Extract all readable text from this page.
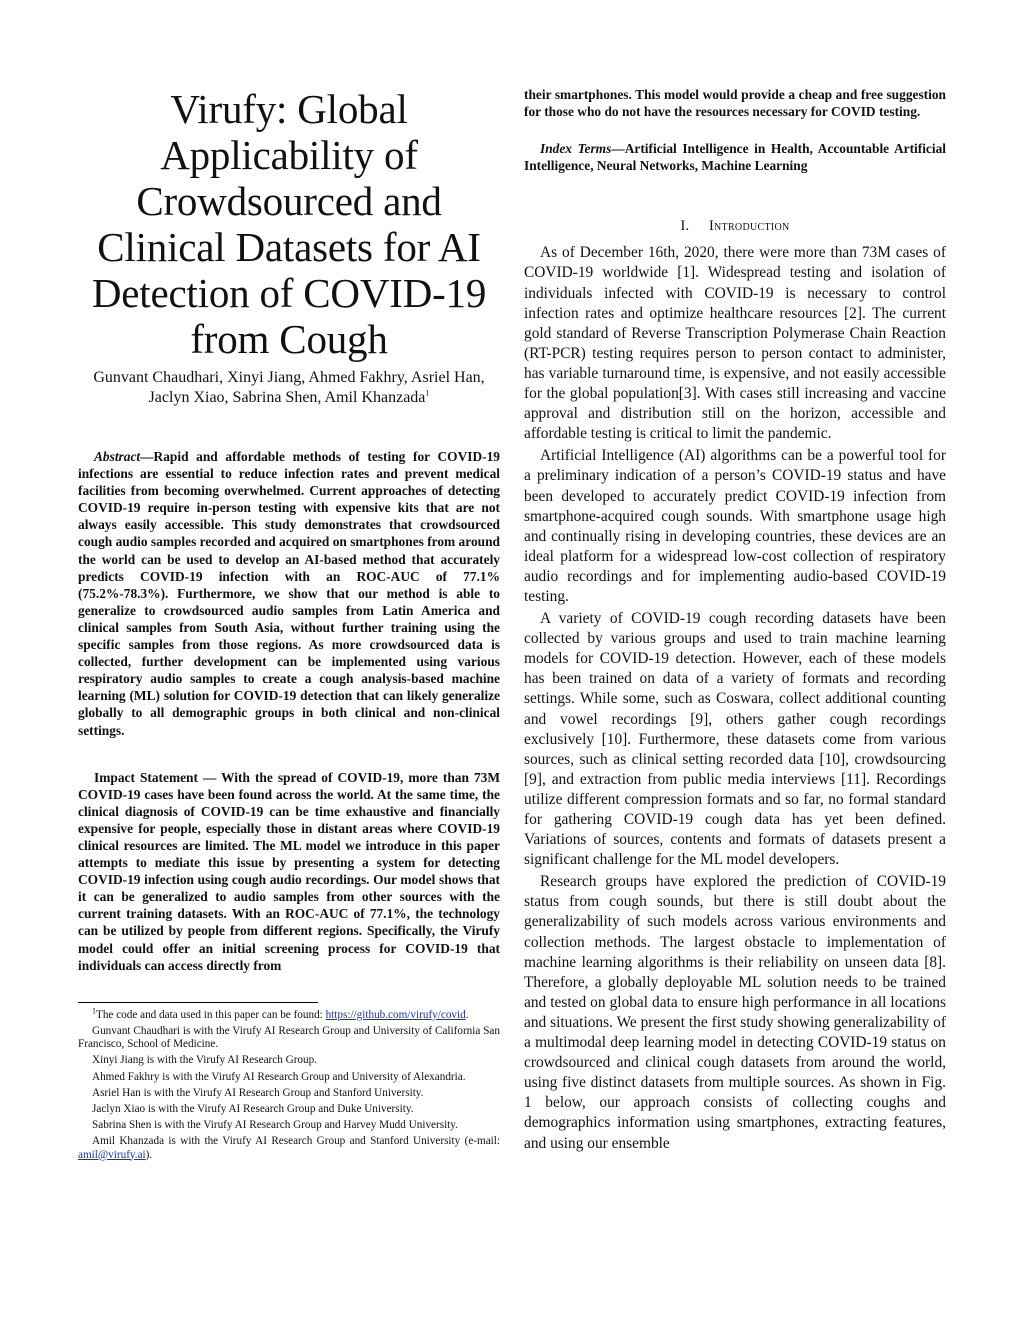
Virufy: Global Applicability of Crowdsourced and Clinical Datasets for AI Detection of COVID-19 from Cough

Gunvant Chaudhari, Xinyi Jiang, Ahmed Fakhry, Asriel Han, Jaclyn Xiao, Sabrina Shen, Amil Khanzada$^1$

Abstract—Rapid and affordable methods of testing for COVID-19 infections are essential to reduce infection rates and prevent medical facilities from becoming overwhelmed. Current approaches of detecting COVID-19 require in-person testing with expensive kits that are not always easily accessible. This study demonstrates that crowdsourced cough audio samples recorded and acquired on smartphones from around the world can be used to develop an AI-based method that accurately predicts COVID-19 infection with an ROC-AUC of 77.1% (75.2%-78.3%). Furthermore, we show that our method is able to generalize to crowdsourced audio samples from Latin America and clinical samples from South Asia, without further training using the specific samples from those regions. As more crowdsourced data is collected, further development can be implemented using various respiratory audio samples to create a cough analysis-based machine learning (ML) solution for COVID-19 detection that can likely generalize globally to all demographic groups in both clinical and non-clinical settings.

Impact Statement — With the spread of COVID-19, more than 73M COVID-19 cases have been found across the world. At the same time, the clinical diagnosis of COVID-19 can be time exhaustive and financially expensive for people, especially those in distant areas where COVID-19 clinical resources are limited. The ML model we introduce in this paper attempts to mediate this issue by presenting a system for detecting COVID-19 infection using cough audio recordings. Our model shows that it can be generalized to audio samples from other sources with the current training datasets. With an ROC-AUC of 77.1%, the technology can be utilized by people from different regions. Specifically, the Virufy model could offer an initial screening process for COVID-19 that individuals can access directly from

$^1$The code and data used in this paper can be found: https://github.com/virufy/covid.

Gunvant Chaudhari is with the Virufy AI Research Group and University of California San Francisco, School of Medicine.

Xinyi Jiang is with the Virufy AI Research Group.

Ahmed Fakhry is with the Virufy AI Research Group and University of Alexandria.

Asriel Han is with the Virufy AI Research Group and Stanford University.

Jaclyn Xiao is with the Virufy AI Research Group and Duke University.

Sabrina Shen is with the Virufy AI Research Group and Harvey Mudd University.

Amil Khanzada is with the Virufy AI Research Group and Stanford University (e-mail: amil@virufy.ai).

their smartphones. This model would provide a cheap and free suggestion for those who do not have the resources necessary for COVID testing.

Index Terms—Artificial Intelligence in Health, Accountable Artificial Intelligence, Neural Networks, Machine Learning

I. Introduction

As of December 16th, 2020, there were more than 73M cases of COVID-19 worldwide [1]. Widespread testing and isolation of individuals infected with COVID-19 is necessary to control infection rates and optimize healthcare resources [2]. The current gold standard of Reverse Transcription Polymerase Chain Reaction (RT-PCR) testing requires person to person contact to administer, has variable turnaround time, is expensive, and not easily accessible for the global population[3]. With cases still increasing and vaccine approval and distribution still on the horizon, accessible and affordable testing is critical to limit the pandemic.

Artificial Intelligence (AI) algorithms can be a powerful tool for a preliminary indication of a person’s COVID-19 status and have been developed to accurately predict COVID-19 infection from smartphone-acquired cough sounds. With smartphone usage high and continually rising in developing countries, these devices are an ideal platform for a widespread low-cost collection of respiratory audio recordings and for implementing audio-based COVID-19 testing.

A variety of COVID-19 cough recording datasets have been collected by various groups and used to train machine learning models for COVID-19 detection. However, each of these models has been trained on data of a variety of formats and recording settings. While some, such as Coswara, collect additional counting and vowel recordings [9], others gather cough recordings exclusively [10]. Furthermore, these datasets come from various sources, such as clinical setting recorded data [10], crowdsourcing [9], and extraction from public media interviews [11]. Recordings utilize different compression formats and so far, no formal standard for gathering COVID-19 cough data has yet been defined. Variations of sources, contents and formats of datasets present a significant challenge for the ML model developers.

Research groups have explored the prediction of COVID-19 status from cough sounds, but there is still doubt about the generalizability of such models across various environments and collection methods. The largest obstacle to implementation of machine learning algorithms is their reliability on unseen data [8]. Therefore, a globally deployable ML solution needs to be trained and tested on global data to ensure high performance in all locations and situations. We present the first study showing generalizability of a multimodal deep learning model in detecting COVID-19 status on crowdsourced and clinical cough datasets from around the world, using five distinct datasets from multiple sources. As shown in Fig. 1 below, our approach consists of collecting coughs and demographics information using smartphones, extracting features, and using our ensemble
